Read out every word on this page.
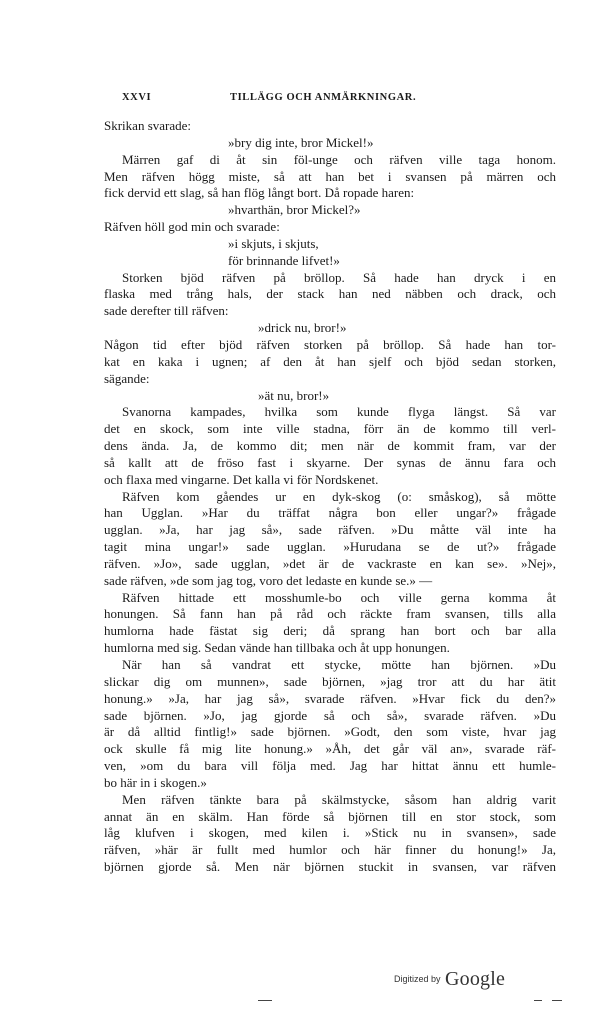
XXVI	TILLÄGG OCH ANMÄRKNINGAR.
Skrikan svarade:
»bry dig inte, bror Mickel!»
Märren gaf di åt sin föl-unge och räfven ville taga honom.
Men räfven högg miste, så att han bet i svansen på märren och
fick dervid ett slag, så han flög långt bort. Då ropade haren:
»hvarthän, bror Mickel?»
Räfven höll god min och svarade:
»i skjuts, i skjuts,
för brinnande lifvet!»
Storken bjöd räfven på bröllop. Så hade han dryck i en
flaska med trång hals, der stack han ned näbben och drack, och
sade derefter till räfven:
»drick nu, bror!»
Någon tid efter bjöd räfven storken på bröllop. Så hade han tor-
kat en kaka i ugnen; af den åt han sjelf och bjöd sedan storken,
sägande:
»ät nu, bror!»
Svanorna kampades, hvilka som kunde flyga längst. Så var
det en skock, som inte ville stadna, förr än de kommo till verl-
dens ända. Ja, de kommo dit; men när de kommit fram, var der
så kallt att de fröso fast i skyarne. Der synas de ännu fara och
och flaxa med vingarne. Det kalla vi för Nordskenet.
Räfven kom gåendes ur en dyk-skog (o: småskog), så mötte
han Ugglan. »Har du träffat några bon eller ungar?» frågade
ugglan. »Ja, har jag så», sade räfven. »Du måtte väl inte ha
tagit mina ungar!» sade ugglan. »Hurudana se de ut?» frågade
räfven. »Jo», sade ugglan, »det är de vackraste en kan se». »Nej»,
sade räfven, »de som jag tog, voro det ledaste en kunde se.» —
Räfven hittade ett mosshumle-bo och ville gerna komma åt
honungen. Så fann han på råd och räckte fram svansen, tills alla
humlorna hade fästat sig deri; då sprang han bort och bar alla
humlorna med sig. Sedan vände han tillbaka och åt upp honungen.
När han så vandrat ett stycke, mötte han björnen. »Du
slickar dig om munnen», sade björnen, »jag tror att du har ätit
honung.» »Ja, har jag så», svarade räfven. »Hvar fick du den?»
sade björnen. »Jo, jag gjorde så och så», svarade räfven. »Du
är då alltid fintlig!» sade björnen. »Godt, den som viste, hvar jag
ock skulle få mig lite honung.» »Åh, det går väl an», svarade räf-
ven, »om du bara vill följa med. Jag har hittat ännu ett humle-
bo här in i skogen.»
Men räfven tänkte bara på skälmstycke, såsom han aldrig varit
annat än en skälm. Han förde så björnen till en stor stock, som
låg klufven i skogen, med kilen i. »Stick nu in svansen», sade
räfven, »här är fullt med humlor och här finner du honung!» Ja,
björnen gjorde så. Men när björnen stuckit in svansen, var räfven
Digitized by Google
